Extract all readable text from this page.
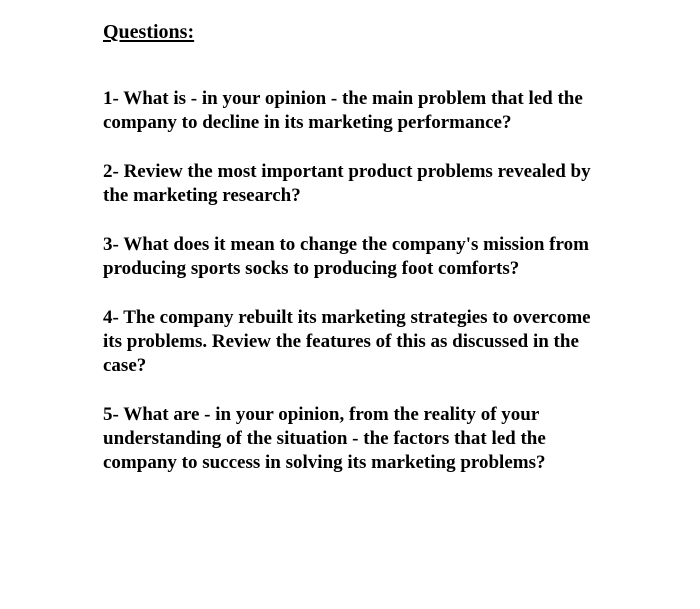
Questions:
1- What is - in your opinion - the main problem that led the company to decline in its marketing performance?
2- Review the most important product problems revealed by the marketing research?
3- What does it mean to change the company's mission from producing sports socks to producing foot comforts?
4- The company rebuilt its marketing strategies to overcome its problems. Review the features of this as discussed in the case?
5- What are - in your opinion, from the reality of your understanding of the situation - the factors that led the company to success in solving its marketing problems?
